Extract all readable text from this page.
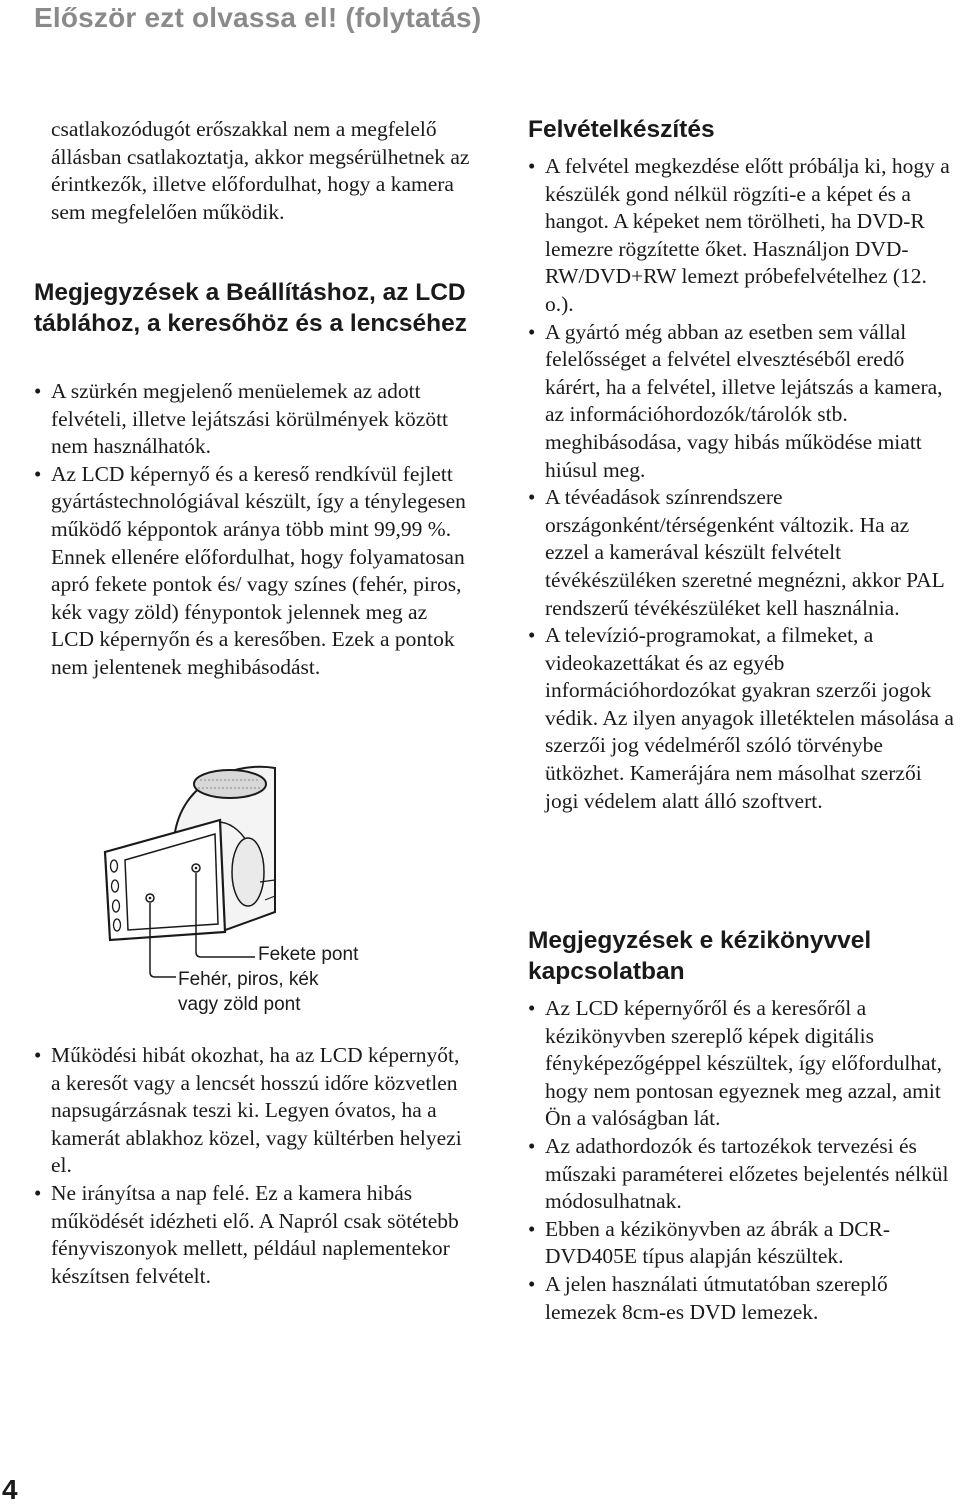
Először ezt olvassa el! (folytatás)
csatlakozódugót erőszakkal nem a megfelelő állásban csatlakoztatja, akkor megsérülhetnek az érintkezők, illetve előfordulhat, hogy a kamera sem megfelelően működik.
Megjegyzések a Beállításhoz, az LCD táblához, a keresőhöz és a lencséhez
• A szürkén megjelenő menüelemek az adott felvételi, illetve lejátszási körülmények között nem használhatók.
• Az LCD képernyő és a kereső rendkívül fejlett gyártástechnológiával készült, így a ténylegesen működő képpontok aránya több mint 99,99 %. Ennek ellenére előfordulhat, hogy folyamatosan apró fekete pontok és/ vagy színes (fehér, piros, kék vagy zöld) fénypontok jelennek meg az LCD képernyőn és a keresőben. Ezek a pontok nem jelentenek meghibásodást.
Fekete pont
Fehér, piros, kék
vagy zöld pont
• Működési hibát okozhat, ha az LCD képernyőt, a keresőt vagy a lencsét hosszú időre közvetlen napsugárzásnak teszi ki. Legyen óvatos, ha a kamerát ablakhoz közel, vagy kültérben helyezi el.
• Ne irányítsa a nap felé. Ez a kamera hibás működését idézheti elő. A Napról csak sötétebb fényviszonyok mellett, például naplementekor készítsen felvételt.
Felvételkészítés
• A felvétel megkezdése előtt próbálja ki, hogy a készülék gond nélkül rögzíti-e a képet és a hangot. A képeket nem törölheti, ha DVD-R lemezre rögzítette őket. Használjon DVD-RW/DVD+RW lemezt próbefelvételhez (12. o.).
• A gyártó még abban az esetben sem vállal felelősséget a felvétel elvesztéséből eredő kárért, ha a felvétel, illetve lejátszás a kamera, az információhordozók/tárolók stb. meghibásodása, vagy hibás működése miatt hiúsul meg.
• A tévéadások színrendszere országonként/térségenként változik. Ha az ezzel a kamerával készült felvételt tévékészüléken szeretné megnézni, akkor PAL rendszerű tévékészüléket kell használnia.
• A televízió-programokat, a filmeket, a videokazettákat és az egyéb információhordozókat gyakran szerzői jogok védik. Az ilyen anyagok illetéktelen másolása a szerzői jog védelméről szóló törvénybe ütközhet. Kamerájára nem másolhat szerzői jogi védelem alatt álló szoftvert.
Megjegyzések e kézikönyvvel kapcsolatban
• Az LCD képernyőről és a keresőről a kézikönyvben szereplő képek digitális fényképezőgéppel készültek, így előfordulhat, hogy nem pontosan egyeznek meg azzal, amit Ön a valóságban lát.
• Az adathordozók és tartozékok tervezési és műszaki paraméterei előzetes bejelentés nélkül módosulhatnak.
• Ebben a kézikönyvben az ábrák a DCR-DVD405E típus alapján készültek.
• A jelen használati útmutatóban szereplő lemezek 8cm-es DVD lemezek.
4
